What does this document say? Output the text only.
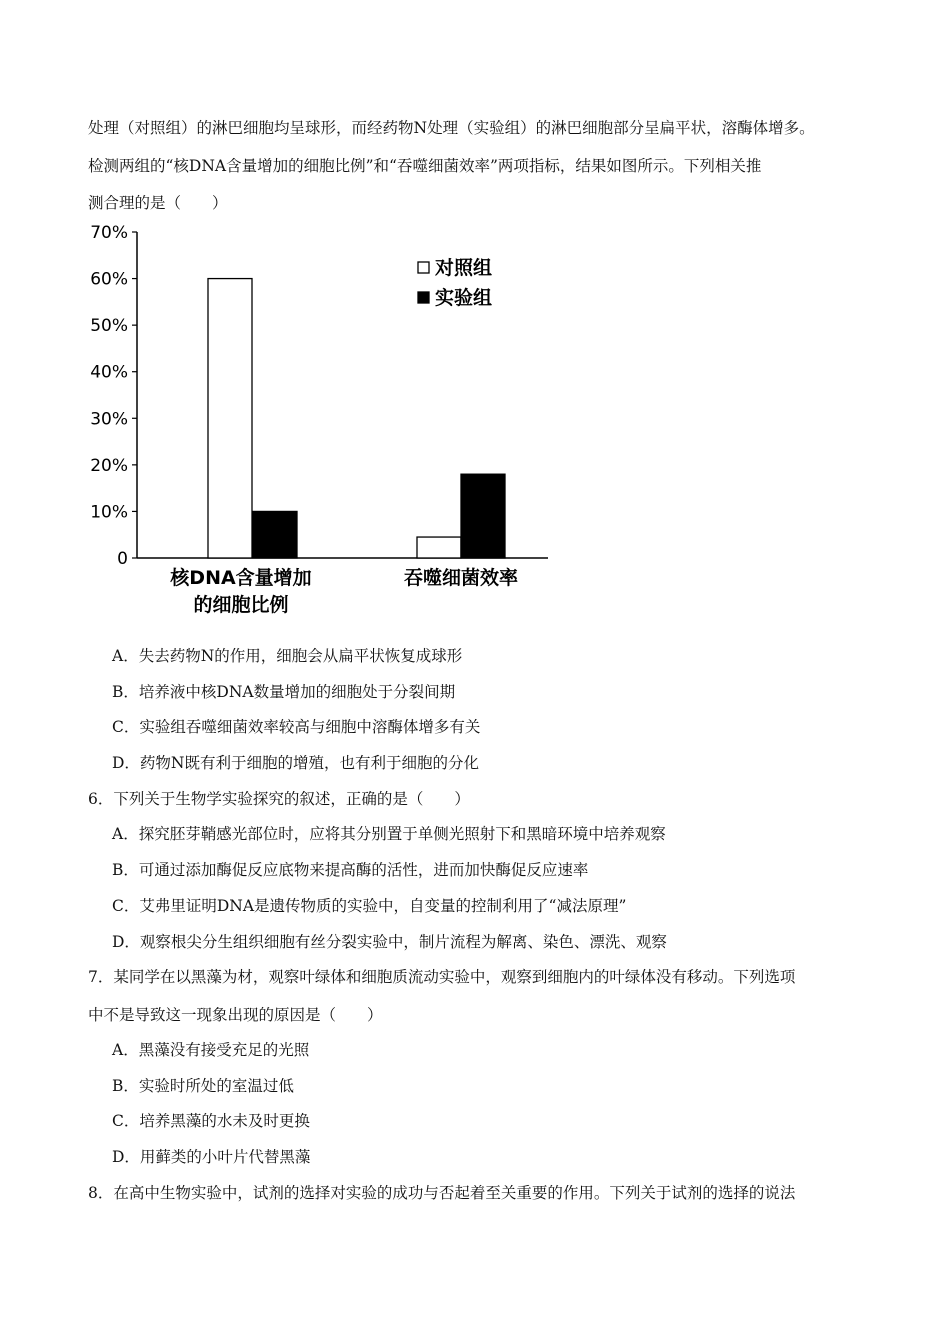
处理（对照组）的淋巴细胞均呈球形，而经药物N处理（实验组）的淋巴细胞部分呈扁平状，溶酶体增多。
检测两组的“核DNA含量增加的细胞比例”和“吞噬细菌效率”两项指标，结果如图所示。下列相关推
测合理的是（　　）
0
10%
20%
30%
40%
50%
60%
70%
核DNA含量增加
的细胞比例
吞噬细菌效率
对照组
实验组
A．失去药物N的作用，细胞会从扁平状恢复成球形
B．培养液中核DNA数量增加的细胞处于分裂间期
C．实验组吞噬细菌效率较高与细胞中溶酶体增多有关
D．药物N既有利于细胞的增殖，也有利于细胞的分化
6．下列关于生物学实验探究的叙述，正确的是（　　）
A．探究胚芽鞘感光部位时，应将其分别置于单侧光照射下和黑暗环境中培养观察
B．可通过添加酶促反应底物来提高酶的活性，进而加快酶促反应速率
C．艾弗里证明DNA是遗传物质的实验中，自变量的控制利用了“减法原理”
D．观察根尖分生组织细胞有丝分裂实验中，制片流程为解离、染色、漂洗、观察
7．某同学在以黑藻为材，观察叶绿体和细胞质流动实验中，观察到细胞内的叶绿体没有移动。下列选项
中不是导致这一现象出现的原因是（　　）
A．黑藻没有接受充足的光照
B．实验时所处的室温过低
C．培养黑藻的水未及时更换
D．用藓类的小叶片代替黑藻
8．在高中生物实验中，试剂的选择对实验的成功与否起着至关重要的作用。下列关于试剂的选择的说法
